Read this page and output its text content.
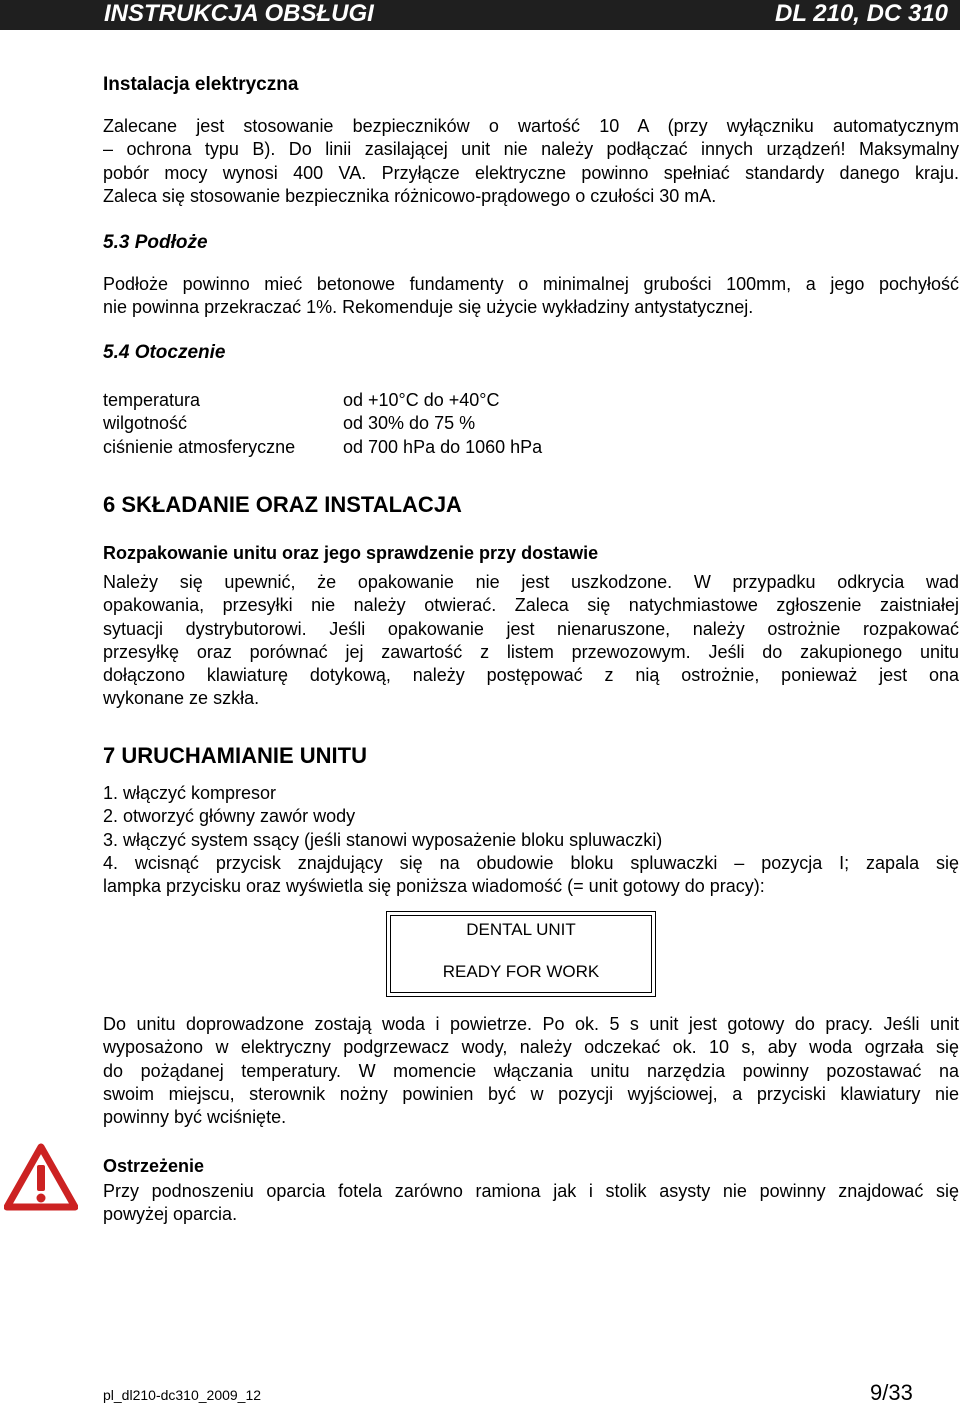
INSTRUKCJA OBSŁUGI	DL 210, DC 310
Instalacja elektryczna
Zalecane jest stosowanie bezpieczników o wartość 10 A (przy wyłączniku automatycznym
– ochrona typu B). Do linii zasilającej unit nie należy podłączać innych urządzeń! Maksymalny
pobór mocy wynosi 400 VA. Przyłącze elektryczne powinno spełniać standardy danego kraju.
Zaleca się stosowanie bezpiecznika różnicowo-prądowego o czułości 30 mA.
5.3 Podłoże
Podłoże powinno mieć betonowe fundamenty o minimalnej grubości 100mm, a jego pochyłość
nie powinna przekraczać 1%. Rekomenduje się użycie wykładziny antystatycznej.
5.4 Otoczenie
temperatura	od +10°C do +40°C
wilgotność	od 30% do 75 %
ciśnienie atmosferyczne	od 700 hPa do 1060 hPa
6 SKŁADANIE ORAZ INSTALACJA
Rozpakowanie unitu oraz jego sprawdzenie przy dostawie
Należy się upewnić, że opakowanie nie jest uszkodzone. W przypadku odkrycia wad
opakowania, przesyłki nie należy otwierać. Zaleca się natychmiastowe zgłoszenie zaistniałej
sytuacji dystrybutorowi. Jeśli opakowanie jest nienaruszone, należy ostrożnie rozpakować
przesyłkę oraz porównać jej zawartość z listem przewozowym. Jeśli do zakupionego unitu
dołączono klawiaturę dotykową, należy postępować z nią ostrożnie, ponieważ jest ona
wykonane ze szkła.
7 URUCHAMIANIE UNITU
1. włączyć kompresor
2. otworzyć główny zawór wody
3. włączyć system ssący (jeśli stanowi wyposażenie bloku spluwaczki)
4. wcisnąć przycisk znajdujący się na obudowie bloku spluwaczki – pozycja I; zapala się
lampka przycisku oraz wyświetla się poniższa wiadomość (= unit gotowy do pracy):
DENTAL UNIT
READY FOR WORK
Do unitu doprowadzone zostają woda i powietrze. Po ok. 5 s unit jest gotowy do pracy. Jeśli unit
wyposażono w elektryczny podgrzewacz wody, należy odczekać ok. 10 s, aby woda ogrzała się
do pożądanej temperatury. W momencie włączania unitu narzędzia powinny pozostawać na
swoim miejscu, sterownik nożny powinien być w pozycji wyjściowej, a przyciski klawiatury nie
powinny być wciśnięte.
Ostrzeżenie
Przy podnoszeniu oparcia fotela zarówno ramiona jak i stolik asysty nie powinny znajdować się
powyżej oparcia.
pl_dl210-dc310_2009_12	9/33
